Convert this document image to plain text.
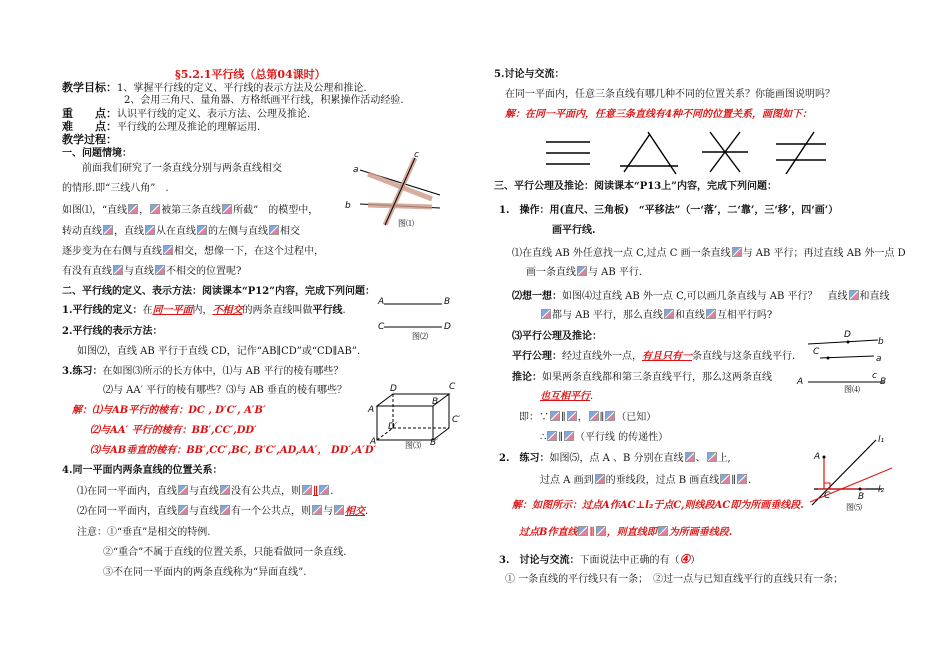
§5.2.1平行线（总第04课时）
教学目标：1、掌握平行线的定义、平行线的表示方法及公理和推论.
2、会用三角尺、量角器、方格纸画平行线，积累操作活动经验.
重　　点：认识平行线的定义、表示方法、公理及推论.
难　　点：平行线的公理及推论的理解运用.
教学过程：
一、问题情境：
前面我们研究了一条直线分别与两条直线相交
的情形.即“三线八角”　.
如图⑴，“直线 ， 被第三条直线 所截”　的模型中，
转动直线 ，直线 从在直线 的左侧与直线 相交
逐步变为在右侧与直线 相交，想像一下，在这个过程中，
有没有直线 与直线 不相交的位置呢?
a
b
c
图⑴
二、平行线的定义、表示方法：阅读课本“P12”内容，完成下列问题：
1.平行线的定义：在同一平面内，不相交的两条直线叫做平行线.
2.平行线的表示方法：
如图⑵，直线 AB 平行于直线 CD，记作“AB∥CD”或“CD∥AB”.
A	B
C	D
图⑵
3.练习：在如图⑶所示的长方体中，⑴与 AB 平行的棱有哪些？
⑵与 AA′ 平行的棱有哪些？⑶与 AB 垂直的棱有哪些？
解：⑴与AB平行的棱有：DC , D′C′, A′B′
⑵与AA′ 平行的棱有：BB′,CC′,DD′
⑶与AB垂直的棱有：BB′,CC′,BC, B′C′,AD,AA′， DD′,A′D′
D	C
A
B
C′
D′
A′	B′
图⑶
4.同一平面内两条直线的位置关系：
⑴在同一平面内，直线 与直线 没有公共点，则 ∥ .
⑵在同一平面内，直线 与直线 有一个公共点，则 与 相交.
注意：①“垂直”是相交的特例.
②“重合”不属于直线的位置关系，只能看做同一条直线.
③不在同一平面内的两条直线称为“异面直线”.
5.讨论与交流：
在同一平面内，任意三条直线有哪几种不同的位置关系？你能画图说明吗？
解：在同一平面内，任意三条直线有4种不同的位置关系，画图如下：
三、平行公理及推论：阅读课本“P13上”内容，完成下列问题：
1.　操作：用(直尺、三角板)　“平移法”（一‘落’，二‘靠’，三‘移’，四‘画’）
画平行线.
⑴在直线 AB 外任意找一点 C,过点 C 画一条直线 与 AB 平行；再过直线 AB 外一点 D
画一条直线 与 AB 平行.
⑵想一想：如图⑷过直线 AB 外一点 C,可以画几条直线与 AB 平行？　直线 和直线
都与 AB 平行，那么直线 和直线 互相平行吗?
⑶平行公理及推论：
平行公理：经过直线外一点，有且只有一条直线与这条直线平行.
推论：如果两条直线都和第三条直线平行，那么这两条直线
也互相平行.
即：∵ ∥ ， ∥ （已知）
∴ ∥ （平行线 的传递性）
D
b
C
a
A	B
c
图⑷
2.　练习：如图⑸，点 A 、B 分别在直线 、 上,
过点 A 画到 的垂线段，过点 B 画直线 ∥ .
解：如图所示：过点A作AC⊥l₂于点C,则线段AC即为所画垂线段.
过点B作直线 ∥ ，则直线即 为所画垂线段.
l₁
A
l₂
C	B
图⑸
3.　讨论与交流：下面说法中正确的有（④）
① 一条直线的平行线只有一条；　②过一点与已知直线平行的直线只有一条；
